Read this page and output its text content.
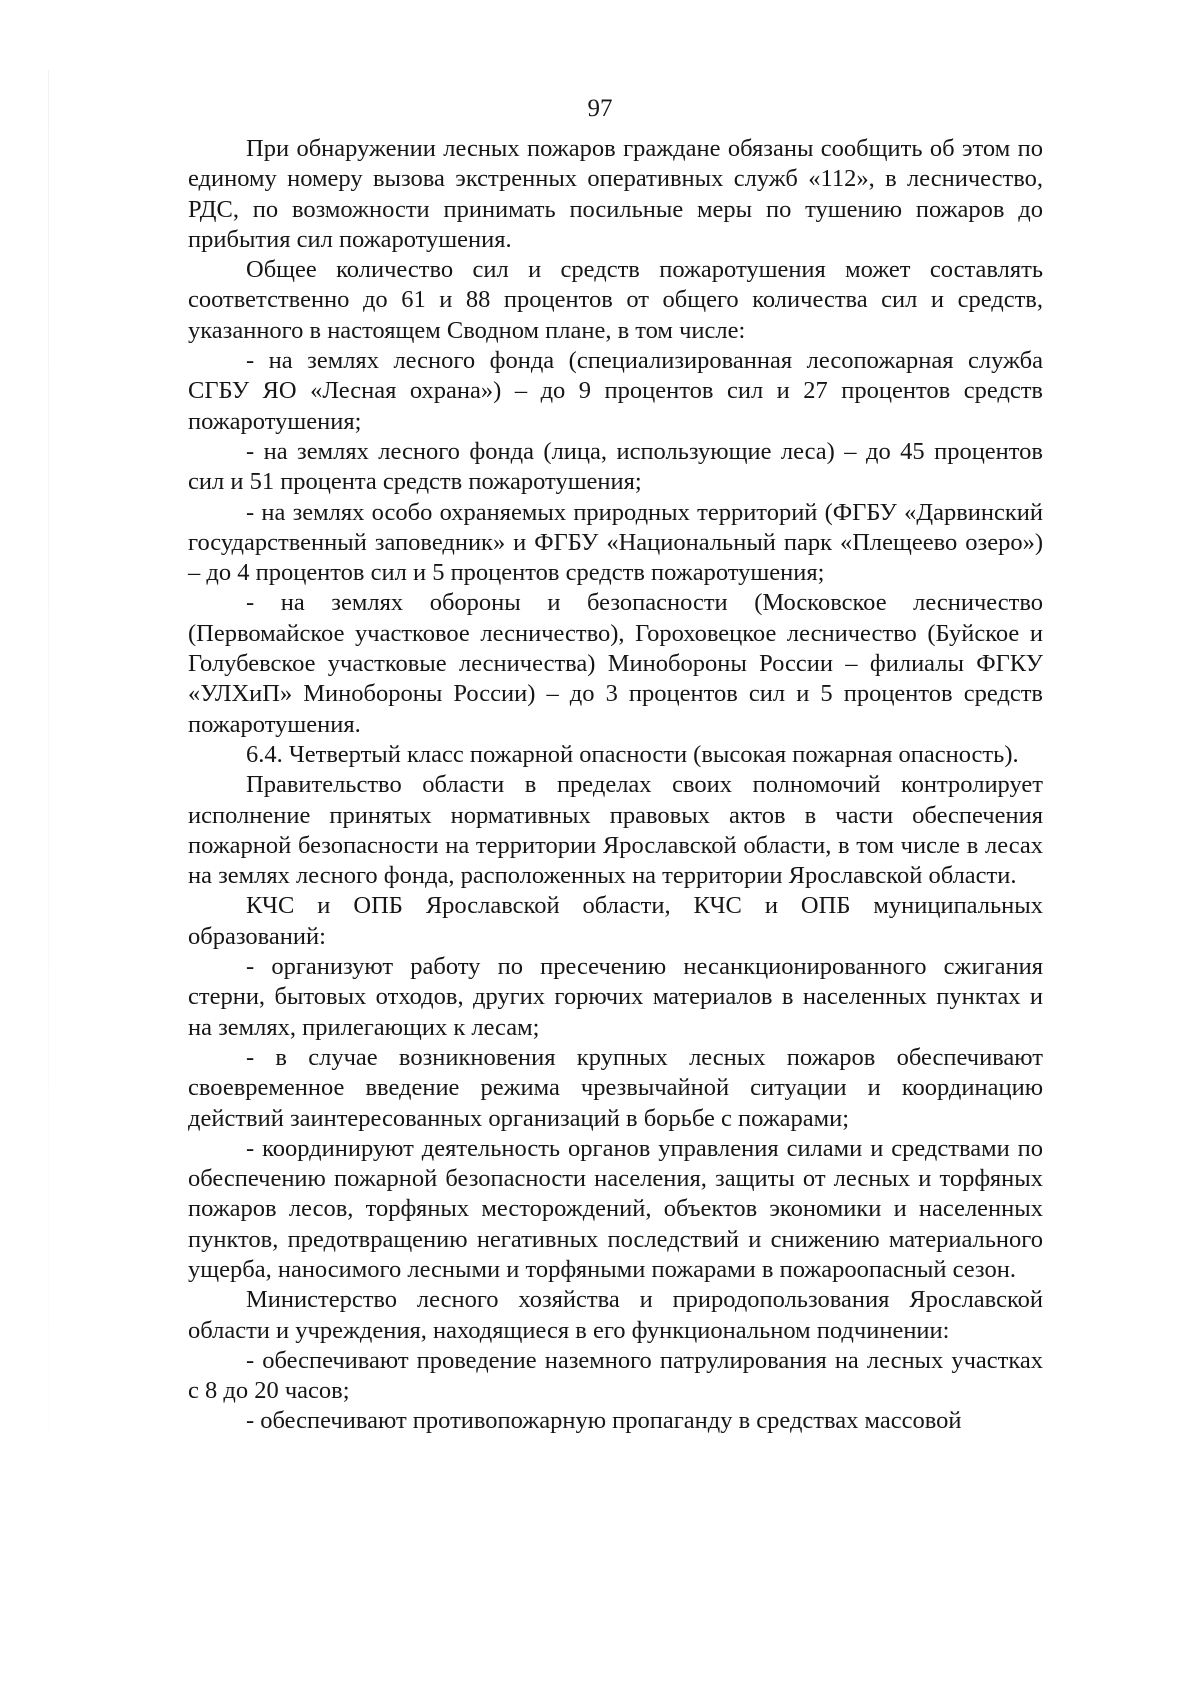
97

При обнаружении лесных пожаров граждане обязаны сообщить об этом по единому номеру вызова экстренных оперативных служб «112», в лесничество, РДС, по возможности принимать посильные меры по тушению пожаров до прибытия сил пожаротушения.

Общее количество сил и средств пожаротушения может составлять соответственно до 61 и 88 процентов от общего количества сил и средств, указанного в настоящем Сводном плане, в том числе:

- на землях лесного фонда (специализированная лесопожарная служба СГБУ ЯО «Лесная охрана») – до 9 процентов сил и 27 процентов средств пожаротушения;

- на землях лесного фонда (лица, использующие леса) – до 45 процентов сил и 51 процента средств пожаротушения;

- на землях особо охраняемых природных территорий (ФГБУ «Дарвинский государственный заповедник» и ФГБУ «Национальный парк «Плещеево озеро») – до 4 процентов сил и 5 процентов средств пожаротушения;

- на землях обороны и безопасности (Московское лесничество (Первомайское участковое лесничество), Гороховецкое лесничество (Буйское и Голубевское участковые лесничества) Минобороны России – филиалы ФГКУ «УЛХиП» Минобороны России) – до 3 процентов сил и 5 процентов средств пожаротушения.

6.4. Четвертый класс пожарной опасности (высокая пожарная опасность).

Правительство области в пределах своих полномочий контролирует исполнение принятых нормативных правовых актов в части обеспечения пожарной безопасности на территории Ярославской области, в том числе в лесах на землях лесного фонда, расположенных на территории Ярославской области.

КЧС и ОПБ Ярославской области, КЧС и ОПБ муниципальных образований:

- организуют работу по пресечению несанкционированного сжигания стерни, бытовых отходов, других горючих материалов в населенных пунктах и на землях, прилегающих к лесам;

- в случае возникновения крупных лесных пожаров обеспечивают своевременное введение режима чрезвычайной ситуации и координацию действий заинтересованных организаций в борьбе с пожарами;

- координируют деятельность органов управления силами и средствами по обеспечению пожарной безопасности населения, защиты от лесных и торфяных пожаров лесов, торфяных месторождений, объектов экономики и населенных пунктов, предотвращению негативных последствий и снижению материального ущерба, наносимого лесными и торфяными пожарами в пожароопасный сезон.

Министерство лесного хозяйства и природопользования Ярославской области и учреждения, находящиеся в его функциональном подчинении:

- обеспечивают проведение наземного патрулирования на лесных участках с 8 до 20 часов;

- обеспечивают противопожарную пропаганду в средствах массовой
